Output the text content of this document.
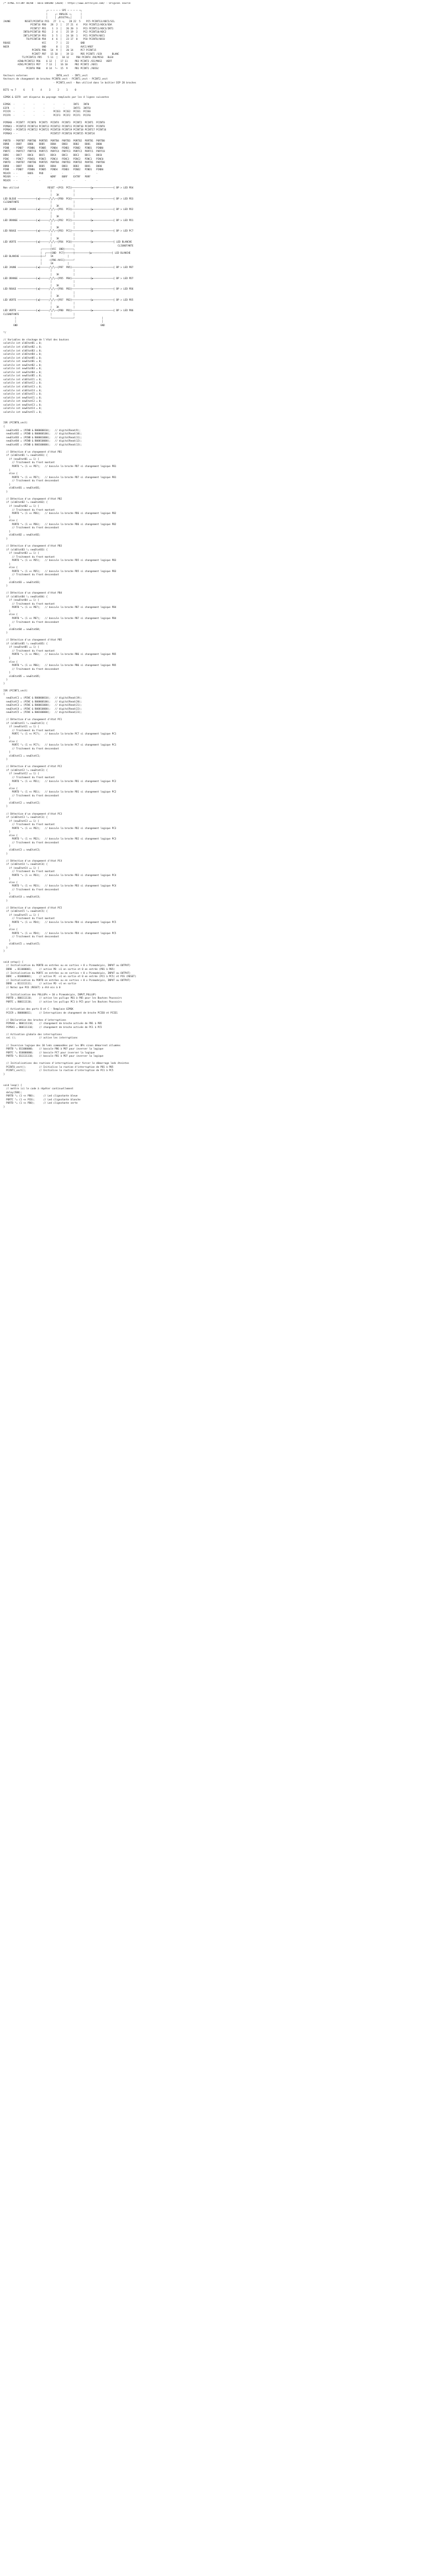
/* ATMEL ATTINY 48/88 - Bäla DORINO (2020) - https://www.astrolyse.com/ - Original source

┌─ ─ ─ ─ ─ SPI ─ ─ ─ ─ ─┐
│     ┌─ ANALOG ─┐      │
│     │ ┌DIGITAL┐│      │
JAUNE          RESET/PCINT14 PC6   27  1 ─┐   28 22  5    PC5 PCINT13/ADC5/SCL
PCINT16 PD0   28  2  │   27 21  4    PC4 PCINT12/ADC4/SDA
PCINT17 PD1    1  3  │   26 20  3    PC3 PCINT11/ADC3/INT1
INT0/PCINT18 PD2    2  4  │   25 19  2    PC2 PCINT10/ADC2
INT1/PCINT19 PD3    3  5  │   24 18  1    PC1 PCINT9/ADC1
T0/PCINT20 PD4    4  6  │   23 17  0    PC0 PCINT8/ADC0
ROUGE                      VCC       7  │   22        GND
NOIR                       GND       8  │   21        AVCC/AREF
PCINT6 PB6   14  9  │   20 14     PC7 PCINT15
PCINT7 PB7   15 10  │   19 13     PB5 PCINT5 /SCK       BLANC
T1/PCINT21 PD5    5 11  │   18 12     PB4 PCINT4 /DO/MISO   BLEU
AIN0/PCINT22 PD6    6 12  │   17 11     PB3 PCINT3 /DI/MOSI   VERT
AIN1/PCINT23 PD7    7 13  │   16 10     PB2 PCINT2 /ADC1
PCINT0 PB0    8 14  └─  15  9     PB1 PCINT1 /ADC0/

Vecteurs externes                    INT0_vect  - INT1_vect
Vecteurs de changement de broches PCINT0_vect - PCINT1_vect - PCINT2_vect
- PCINT3_vect - Non utilisé dans le boîtier DIP 28 broches

BITS ─► 7     6     5     4     3     2     1     0

GIMSK & GIFR  ont disparus du paysage remplacés par les 4 lignes suivantes

EIMSK  -      -      -      -      -      -      INT1   INT0
EIFR   -      -      -      -      -      -      INTF1  INTF0
PCICR  -      -      -      -      PCIE3  PCIE2  PCIE1  PCIE0
PCIFR  -      -      -      -      PCIF3  PCIF2  PCIF1  PCIF0

PCMSK0 - PCINT7  PCINT6  PCINT5  PCINT4  PCINT3  PCINT2  PCINT1  PCINT0
PCMSK1 - PCINT15 PCINT14 PCINT13 PCINT12 PCINT11 PCINT10 PCINT9  PCINT8
PCMSK2 - PCINT23 PCINT22 PCINT21 PCINT20 PCINT19 PCINT18 PCINT17 PCINT16
PCMSK3 - -       -       -       PCINT27 PCINT26 PCINT25 PCINT24

PORTB  - PORTB7  PORTB6  PORTB5  PORTB4  PORTB3  PORTB2  PORTB1  PORTB0
DDRB   - DDB7    DDB6    DDB5    DDB4    DDB3    DDB2    DDB1    DDB0
PINB   - PINB7   PINB6   PINB5   PINB4   PINB3   PINB2   PINB1   PINB0
PORTC  - PORTC7  PORTC6  PORTC5  PORTC4  PORTC3  PORTC2  PORTC1  PORTC0
DDRC   - DDC7    DDC6    DDC5    DDC4    DDC3    DDC2    DDC1    DDC0
PINC   - PINC7   PINC6   PINC5   PINC4   PINC3   PINC2   PINC1   PINC0
PORTD  - PORTD7  PORTD6  PORTD5  PORTD4  PORTD3  PORTD2  PORTD1  PORTD0
DDRD   - DDD7    DDD6    DDD5    DDD4    DDD3    DDD2    DDD1    DDD0
PIND   - PIND7   PIND6   PIND5   PIND4   PIND3   PIND2   PIND1   PIND0
MCUCR  - -       BODS    PUD     -       -       -       -       -
MCUSR  - -       -       -       WDRF    BORF    EXTRF   PORF
MCUCR  - -       -       -       -       -       -       -       -

Non utilisé                    RESET ─┤PC6  PC5├─────────────┤▶──────────────┤ BP > LED PD4
│               │
│   1K          │
LED BLEUE ─────────────┤◀├──────╱╲╱╲──┤PD0  PC4├─────────────┤▶──────────────┤ BP > LED PD3
CLIGNOTANTE                      │               │
│   1K          │
LED JAUNE ─────────────┤◀├──────╱╲╱╲──┤PD1  PC3├─────────────┤▶──────────────┤ BP > LED PD2
│               │
│   1K          │
LED ORANGE ────────────┤◀├──────╱╲╱╲──┤PD2  PC2├─────────────┤▶──────────────┤ BP > LED PD1
│               │
│   1K          │
LED ROUGE ─────────────┤◀├──────╱╲╱╲──┤PD3  PC1├─────────────┤▶──────────────┤ BP > LED PC7
│               │
│   1K          │
LED VERTE ─────────────┤◀├──────╱╲╱╲──┤PD4  PC0├─────────────┤▶──────────────┤ LED BLANCHE
│               │                              CLIGNOTANTE
┌──────┤VCC  GND├──────┐
│  ┌───┤GND  PC7├──────┼──────────┤▶──────────────┤ LED BLANCHE
LED BLANCHE ──────────────┼──┘   1K          │
│     ─┤PB6 AVCC├──────┘
│      1K          │
LED JAUNE ─────────────┤◀├──────╱╲╱╲──┤PB7  PB5├─────────────┤▶──────────────┤ BP > LED PB7
│               │
│   1K          │
LED ORANGE ────────────┤◀├──────╱╲╱╲──┤PD5  PB4├─────────────┤▶──────────────┤ BP > LED PD7
│               │
│   1K          │
LED ROUGE ─────────────┤◀├──────╱╲╱╲──┤PD6  PB3├─────────────┤▶──────────────┤ BP > LED PD6
│               │
│   1K          │
LED VERTE ─────────────┤◀├──────╱╲╱╲──┤PD7  PB2├─────────────┤▶──────────────┤ BP > LED PD5
│               │
│   1K          │
LED VERTE ─────────────┤◀├──────╱╲╱╲──┤PB0  PB1├─────────────┤▶──────────────┤ BP > LED PB6
CLIGNOTANTE                      │               │
│                        └───────────────┘                   │
│                                                            │
GND                                                          GND

*/

// Variables de stockage de l'état des boutons
volatile int oldEtatB1 = 0;
volatile int oldEtatB2 = 0;
volatile int oldEtatB3 = 0;
volatile int oldEtatB4 = 0;
volatile int oldEtatB5 = 0;
volatile int newEtatB1 = 0;
volatile int newEtatB2 = 0;
volatile int newEtatB3 = 0;
volatile int newEtatB4 = 0;
volatile int newEtatB5 = 0;
volatile int oldEtatC1 = 0;
volatile int oldEtatC2 = 0;
volatile int oldEtatC3 = 0;
volatile int oldEtatC4 = 0;
volatile int oldEtatC5 = 0;
volatile int newEtatC1 = 0;
volatile int newEtatC2 = 0;
volatile int newEtatC3 = 0;
volatile int newEtatC4 = 0;
volatile int newEtatC5 = 0;

ISR (PCINT0_vect)
{
newEtatB1 = (PINB & B00000010);   // digitalRead(9);
newEtatB2 = (PINB & B00000100);   // digitalRead(10);
newEtatB3 = (PINB & B00001000);   // digitalRead(11);
newEtatB4 = (PINB & B00010000);   // digitalRead(12);
newEtatB5 = (PINB & B00100000);   // digitalRead(13);

// Détection d'un changement d'état PB1
if (oldEtatB1 != newEtatB1) {
if (newEtatB1 == 1) {
// Traitement du front montant
PORTD ^= (1 << PD7);   // bascule la broche PD7 si changement logique PB1
}
else {
PORTD ^= (1 << PD7);   // bascule la broche PD7 si changement logique PB1
// Traitement du front descendant
}
oldEtatB1 = newEtatB1;
}

// Détection d'un changement d'état PB2
if (oldEtatB2 != newEtatB2) {
if (newEtatB2 == 1) {
// Traitement du front montant
PORTD ^= (1 << PD6);   // bascule la broche PD6 si changement logique PB2
}
else {
PORTD ^= (1 << PD6);   // bascule la broche PD6 si changement logique PB2
// Traitement du front descendant
}
oldEtatB2 = newEtatB2;
}

// Détection d'un changement d'état PB3
if (oldEtatB3 != newEtatB3) {
if (newEtatB3 == 1) {
// Traitement du front montant
PORTD ^= (1 << PD5);   // bascule la broche PD5 si changement logique PB3
}
else {
PORTD ^= (1 << PD5);   // bascule la broche PD5 si changement logique PB3
// Traitement du front descendant
}
oldEtatB3 = newEtatB3;
}

// Détection d'un changement d'état PB4
if (oldEtatB4 != newEtatB4) {
if (newEtatB4 == 1) {
// Traitement du front montant
PORTB ^= (1 << PB7);   // bascule la broche PB7 si changement logique PB4
}
else {
PORTB ^= (1 << PB7);   // bascule la broche PB7 si changement logique PB4
// Traitement du front descendant
}
oldEtatB4 = newEtatB4;
}

// Détection d'un changement d'état PB5
if (oldEtatB5 != newEtatB5) {
if (newEtatB5 == 1) {
// Traitement du front montant
PORTB ^= (1 << PB6);   // bascule la broche PB6 si changement logique PB5
}
else {
PORTB ^= (1 << PB6);   // bascule la broche PB6 si changement logique PB5
// Traitement du front descendant
}
oldEtatB5 = newEtatB5;
}
}

ISR (PCINT1_vect)
{
newEtatC1 = (PINC & B00000010);   // digitalRead(19);
newEtatC2 = (PINC & B00000100);   // digitalRead(20);
newEtatC3 = (PINC & B00001000);   // digitalRead(21);
newEtatC4 = (PINC & B00010000);   // digitalRead(22);
newEtatC5 = (PINC & B00100000);   // digitalRead(23);

// Détection d'un changement d'état PC1
if (oldEtatC1 != newEtatC1) {
if (newEtatC1 == 1) {
// Traitement du front montant
PORTC ^= (1 << PC7);   // bascule la broche PC7 si changement logique PC1
}
else {
PORTC ^= (1 << PC7);   // bascule la broche PC7 si changement logique PC1
// Traitement du front descendant
}
oldEtatC1 = newEtatC1;
}

// Détection d'un changement d'état PC2
if (oldEtatC2 != newEtatC2) {
if (newEtatC2 == 1) {
// Traitement du front montant
PORTD ^= (1 << PD1);   // bascule la broche PD1 si changement logique PC2
}
else {
PORTD ^= (1 << PD1);   // bascule la broche PD1 si changement logique PC2
// Traitement du front descendant
}
oldEtatC2 = newEtatC2;
}

// Détection d'un changement d'état PC3
if (oldEtatC3 != newEtatC3) {
if (newEtatC3 == 1) {
// Traitement du front montant
PORTD ^= (1 << PD2);   // bascule la broche PD2 si changement logique PC3
}
else {
PORTD ^= (1 << PD2);   // bascule la broche PD2 si changement logique PC3
// Traitement du front descendant
}
oldEtatC3 = newEtatC3;
}

// Détection d'un changement d'état PC4
if (oldEtatC4 != newEtatC4) {
if (newEtatC4 == 1) {
// Traitement du front montant
PORTD ^= (1 << PD3);   // bascule la broche PD3 si changement logique PC4
}
else {
PORTD ^= (1 << PD3);   // bascule la broche PD3 si changement logique PC4
// Traitement du front descendant
}
oldEtatC4 = newEtatC4;
}

// Détection d'un changement d'état PC5
if (oldEtatC5 != newEtatC5) {
if (newEtatC5 == 1) {
// Traitement du front montant
PORTD ^= (1 << PD4);   // bascule la broche PD4 si changement logique PC5
}
else {
PORTD ^= (1 << PD4);   // bascule la broche PD4 si changement logique PC5
// Traitement du front descendant
}
oldEtatC5 = newEtatC5;
}
}

void setup() {
// Initialisation du PORTB en entrées ou en sorties + 8 x Pinmode(pin, INPUT ou OUTPUT)
DDRB  = B11000001;     // active PB ->1 en sortie et 0 en entrée (PB1 à PB5)
// Initialisation du PORTC en entrées ou en sorties + 8 x Pinmode(pin, INPUT ou OUTPUT)
DDRC  = B10000001;     // active PC ->1 en sortie et 0 en entrée (PC1 à PC5) et PC6 (RESET)
// Initialisation du PORTD en entrées ou en sorties + 8 x Pinmode(pin, INPUT ou OUTPUT)
DDRD  = B11111111;     // active PD ->1 en sortie
// Notez que PC6 (RESET) a été mis à 0

// Initialisation des PULLUPs + 10 x Pinmode(pin, INPUT_PULLUP)
PORTB = B00111110;     // active les pullups PB1 à PB5 pour les Boutons Poussoirs
PORTC = B00111110;     // active les pullups PC1 à PC5 pour les Boutons Poussoirs

// Activation des ports B et C - Remplace GIMSK
PCICR = B00000011;     // Interruptions de changement de broche PCIE0 et PCIE1

// Déclaration des broches d'interruptions
PCMSK0 = B00111110;    // changement de broche activée de PB1 à PB5
PCMSK1 = B00111110;    // changement de broche activée de PC1 à PC5

// Activation globale des interruptions
sei ();                // active les interruptions

// Inversion logique des 10 leds commandées par les BPs sinon démarrent allumées
PORTB ^= B11000000;    // bascule PB6 à PB7 pour inverser la logique
PORTC ^= B10000000;    // bascule PC7 pour inverser la logique
PORTD ^= B11111110;    // bascule PD1 à PD7 pour inverser la logique

// Initialisations des routines d'interruptions pour forcer le démarrage leds éteintes
PCINT0_vect();         // Initialise la routine d'interruption de PB1 à PB5
PCINT1_vect();         // Initialise la routine d'interruption de PC1 à PC5
}

void loop() {
// mettre ici le code à répéter continuellement
delay(500);
PORTB ^= (1 << PB0);      // Led clignotante bleue
PORTC ^= (1 << PC0);      // Led clignotante blanche
PORTD ^= (1 << PD0);      // Led clignotante verte
}
